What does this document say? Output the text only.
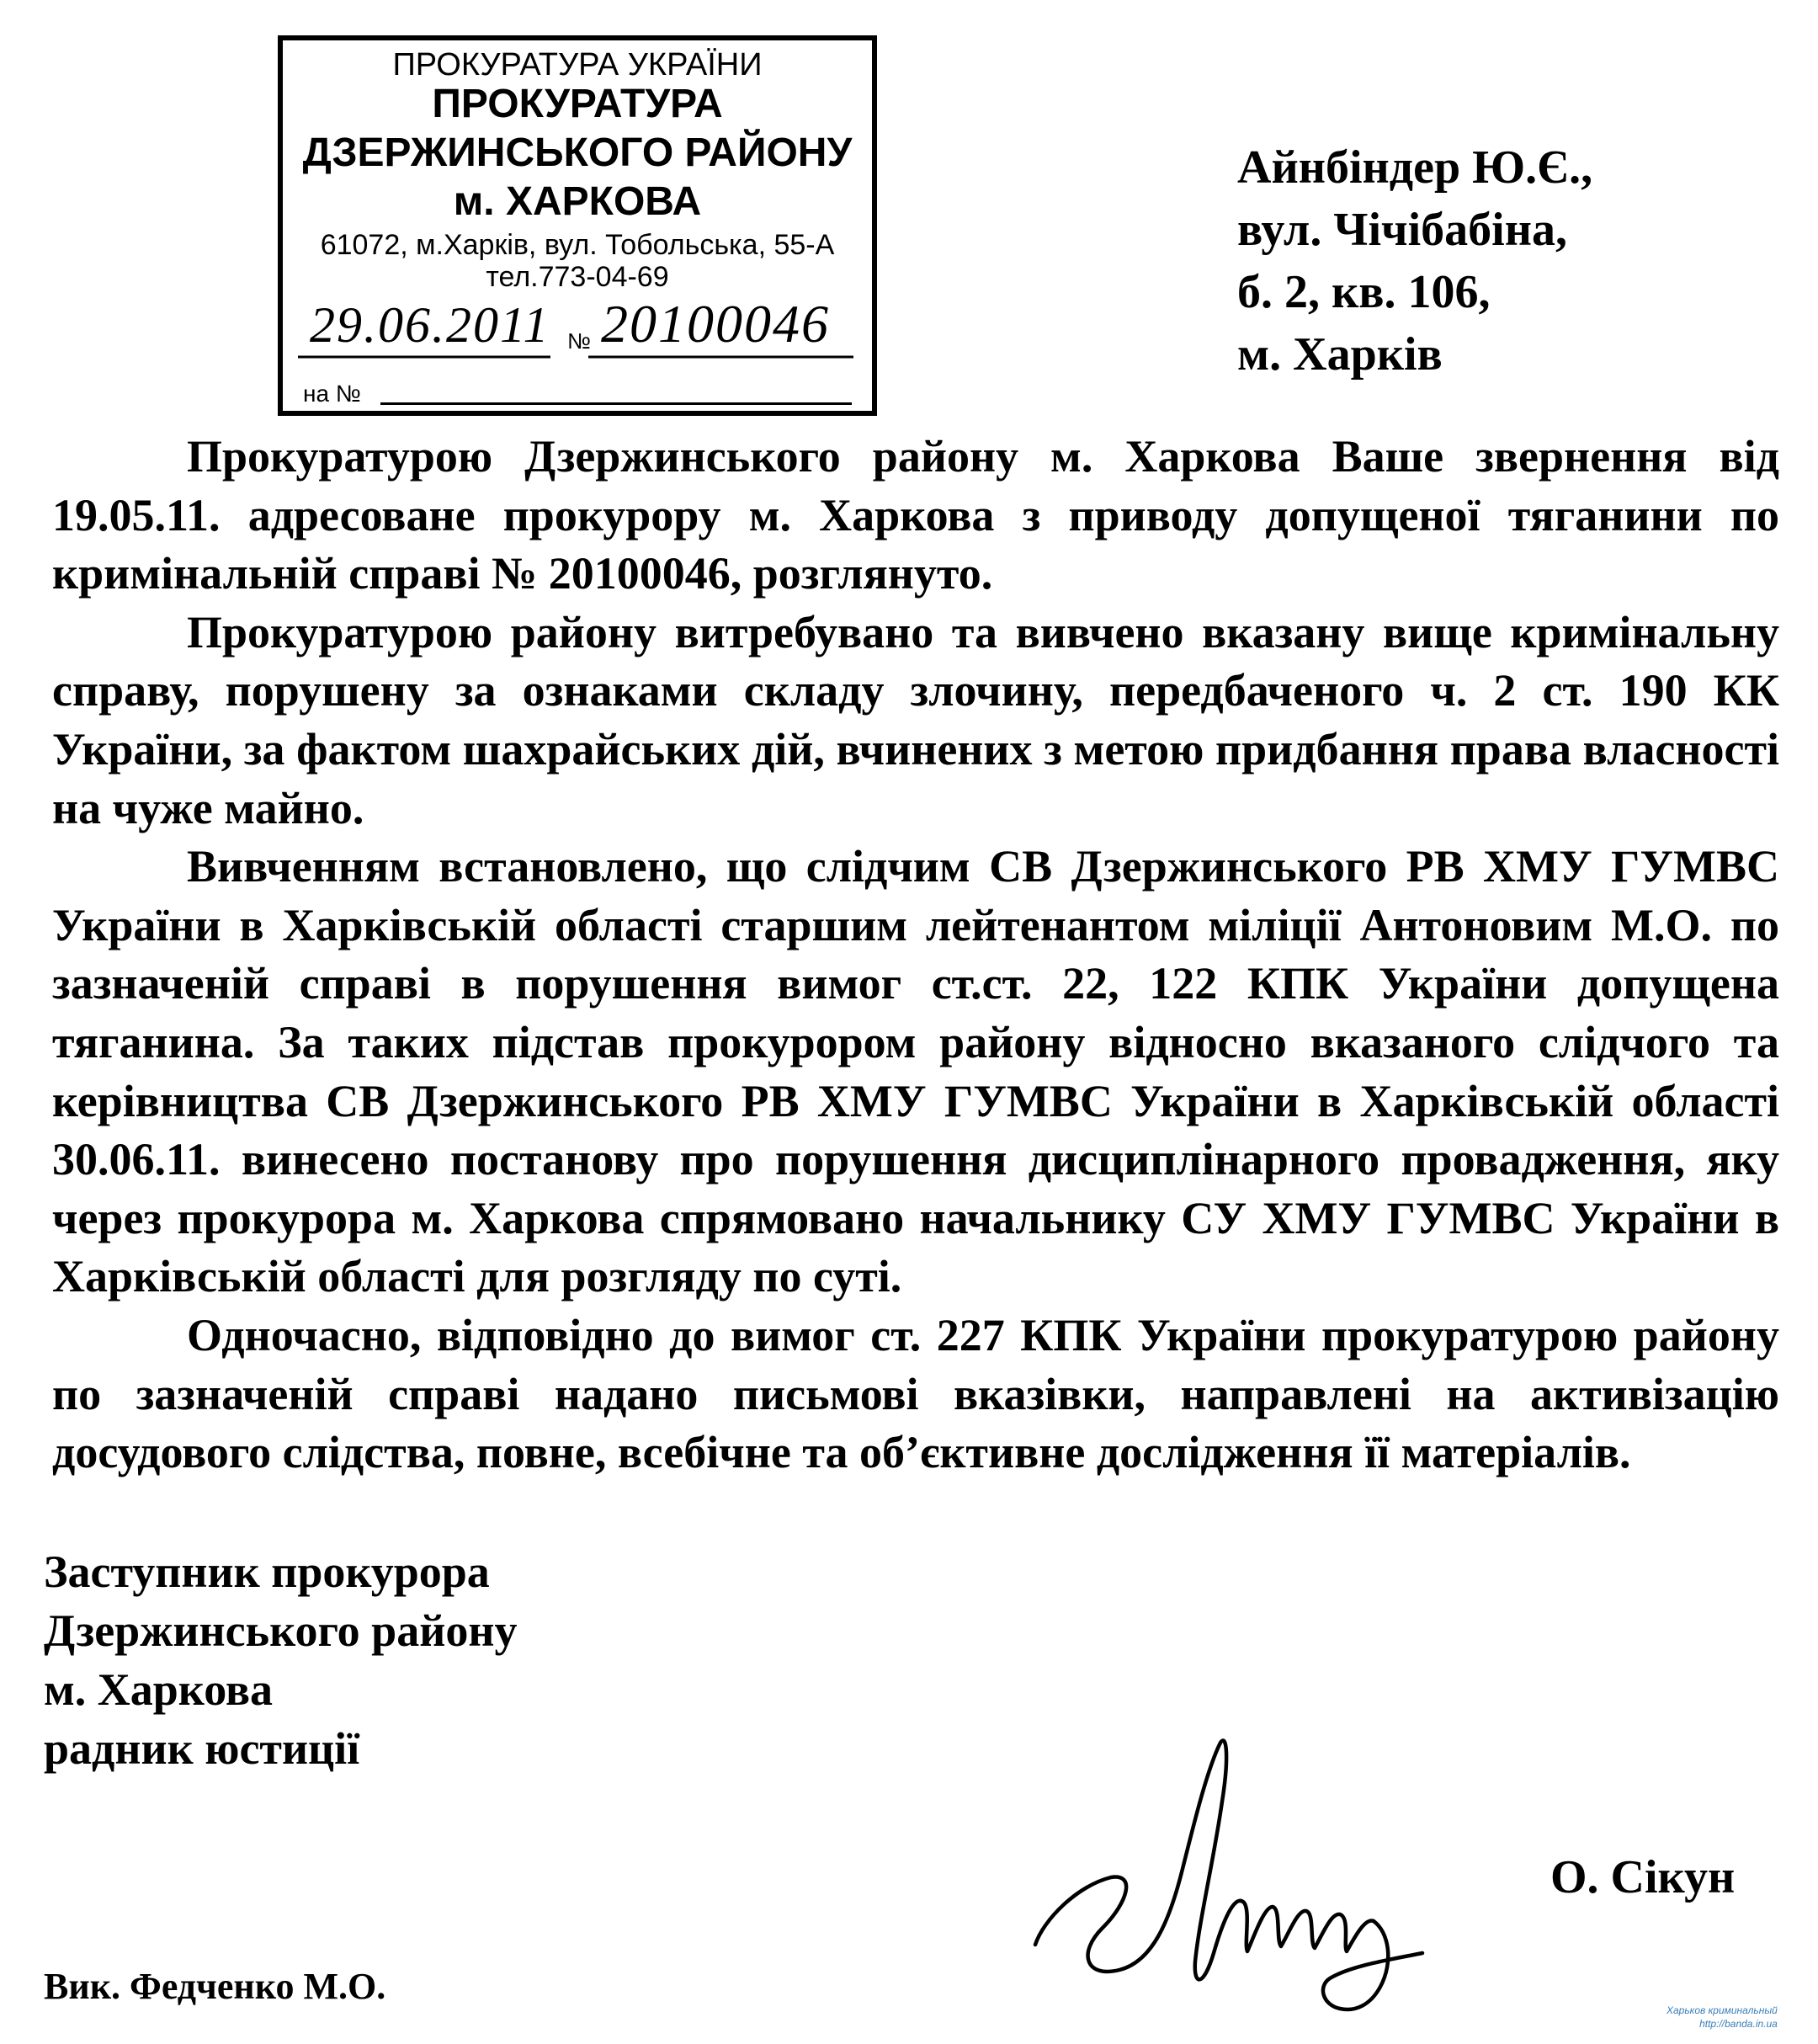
ПРОКУРАТУРА УКРАЇНИ
ПРОКУРАТУРА
ДЗЕРЖИНСЬКОГО РАЙОНУ
м. ХАРКОВА
61072, м.Харків, вул. Тобольська, 55-А
тел.773-04-69
29.06.2011 № 20100046
на №
Айнбіндер Ю.Є.,
вул. Чічібабіна,
б. 2, кв. 106,
м. Харків

Прокуратурою Дзержинського району м. Харкова Ваше звернення від 19.05.11. адресоване прокурору м. Харкова з приводу допущеної тяганини по кримінальній справі № 20100046, розглянуто.

Прокуратурою району витребувано та вивчено вказану вище кримінальну справу, порушену за ознаками складу злочину, передбаченого ч. 2 ст. 190 КК України, за фактом шахрайських дій, вчинених з метою придбання права власності на чуже майно.

Вивченням встановлено, що слідчим СВ Дзержинського РВ ХМУ ГУМВС України в Харківській області старшим лейтенантом міліції Антоновим М.О. по зазначеній справі в порушення вимог ст.ст. 22, 122 КПК України допущена тяганина. За таких підстав прокурором району відносно вказаного слідчого та керівництва СВ Дзержинського РВ ХМУ ГУМВС України в Харківській області 30.06.11. винесено постанову про порушення дисциплінарного провадження, яку через прокурора м. Харкова спрямовано начальнику СУ ХМУ ГУМВС України в Харківській області для розгляду по суті.

Одночасно, відповідно до вимог ст. 227 КПК України прокуратурою району по зазначеній справі надано письмові вказівки, направлені на активізацію досудового слідства, повне, всебічне та об’єктивне дослідження її матеріалів.

Заступник прокурора
Дзержинського району
м. Харкова
радник юстиції
О. Сікун
Вик. Федченко М.О.
Харьков криминальный
http://banda.in.ua
